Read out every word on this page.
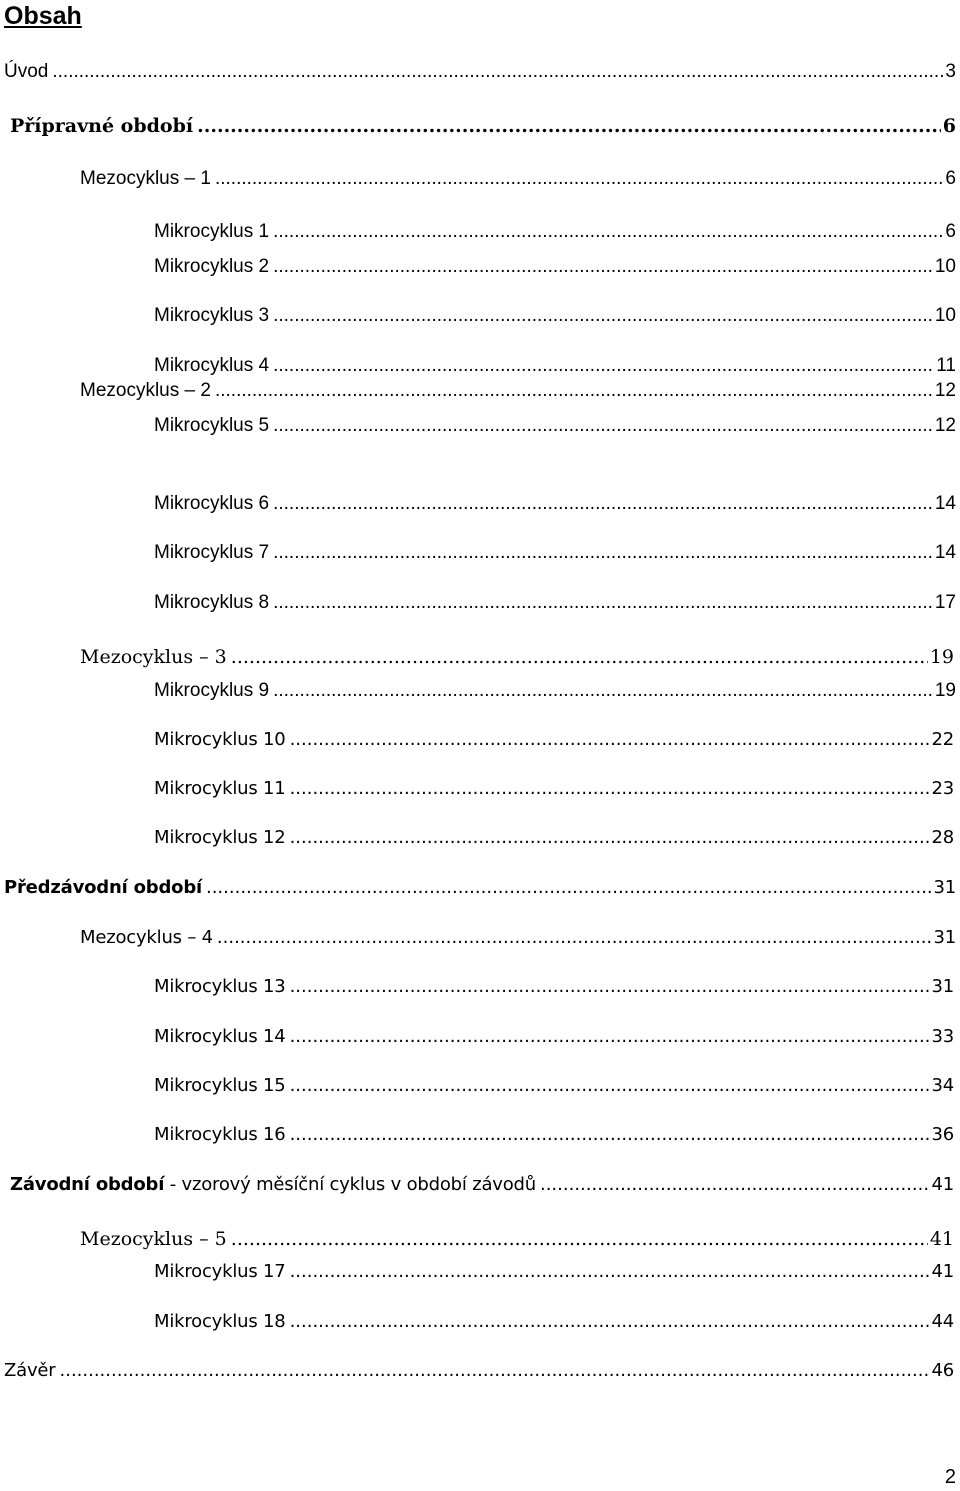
Obsah
Úvod .....	3
Přípravné období .....	6
Mezocyklus – 1 .....	6
Mikrocyklus 1 .....	6
Mikrocyklus 2 .....	10
Mikrocyklus 3 .....	10
Mikrocyklus 4 .....	11
Mezocyklus – 2 .....	12
Mikrocyklus 5 .....	12
Mikrocyklus 6 .....	14
Mikrocyklus 7 .....	14
Mikrocyklus 8 .....	17
Mezocyklus – 3 .....	19
Mikrocyklus 9 .....	19
Mikrocyklus 10 .....	22
Mikrocyklus 11 .....	23
Mikrocyklus 12 .....	28
Předzávodní období .....	31
Mezocyklus – 4 .....	31
Mikrocyklus 13 .....	31
Mikrocyklus 14 .....	33
Mikrocyklus 15 .....	34
Mikrocyklus 16 .....	36
Závodní období - vzorový měsíční cyklus v období závodů .....	41
Mezocyklus – 5 .....	41
Mikrocyklus 17 .....	41
Mikrocyklus 18 .....	44
Závěr .....	46
2
